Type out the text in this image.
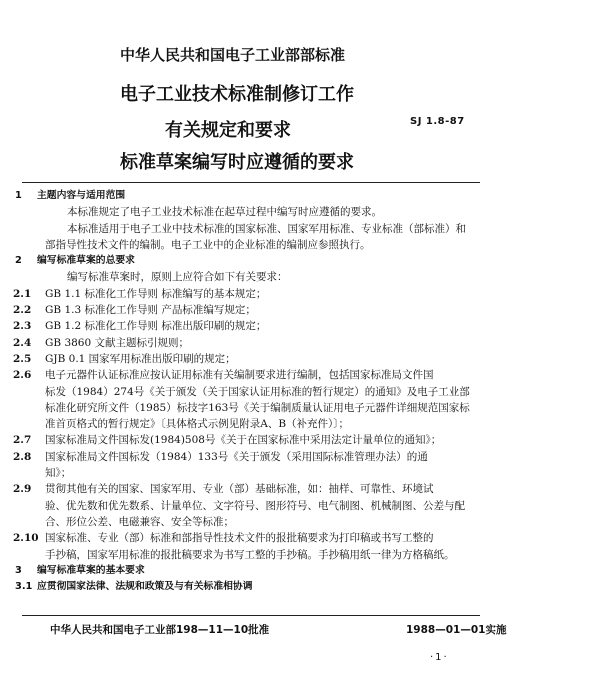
中华人民共和国电子工业部部标准
电子工业技术标准制修订工作
有关规定和要求
标准草案编写时应遵循的要求
SJ 1.8-87
1 主题内容与适用范围
本标准规定了电子工业技术标准在起草过程中编写时应遵循的要求。
本标准适用于电子工业中技术标准的国家标准、国家军用标准、专业标准（部标准）和
部指导性技术文件的编制。电子工业中的企业标准的编制应参照执行。
2 编写标准草案的总要求
编写标准草案时，原则上应符合如下有关要求：
2.1 GB 1.1 标准化工作导则 标准编写的基本规定；
2.2 GB 1.3 标准化工作导则 产品标准编写规定；
2.3 GB 1.2 标准化工作导则 标准出版印刷的规定；
2.4 GB 3860 文献主题标引规则；
2.5 GJB 0.1 国家军用标准出版印刷的规定；
2.6 电子元器件认证标准应按认证用标准有关编制要求进行编制，包括国家标准局文件国
标发（1984）274号《关于颁发（关于国家认证用标准的暂行规定）的通知》及电子工业部
标准化研究所文件（1985）标技字163号《关于编制质量认证用电子元器件详细规范国家标
准首页格式的暂行规定》〔具体格式示例见附录A、B（补充件）〕；
2.7 国家标准局文件国标发(1984)508号《关于在国家标准中采用法定计量单位的通知》；
2.8 国家标准局文件国标发（1984）133号《关于颁发（采用国际标准管理办法）的通
知》；
2.9 贯彻其他有关的国家、国家军用、专业（部）基础标准，如：抽样、可靠性、环境试
验、优先数和优先数系、计量单位、文字符号、图形符号、电气制图、机械制图、公差与配
合、形位公差、电磁兼容、安全等标准；
2.10 国家标准、专业（部）标准和部指导性技术文件的报批稿要求为打印稿或书写工整的
手抄稿，国家军用标准的报批稿要求为书写工整的手抄稿。手抄稿用纸一律为方格稿纸。
3 编写标准草案的基本要求
3.1 应贯彻国家法律、法规和政策及与有关标准相协调
中华人民共和国电子工业部198—11—10批准	1988—01—01实施
·1·
